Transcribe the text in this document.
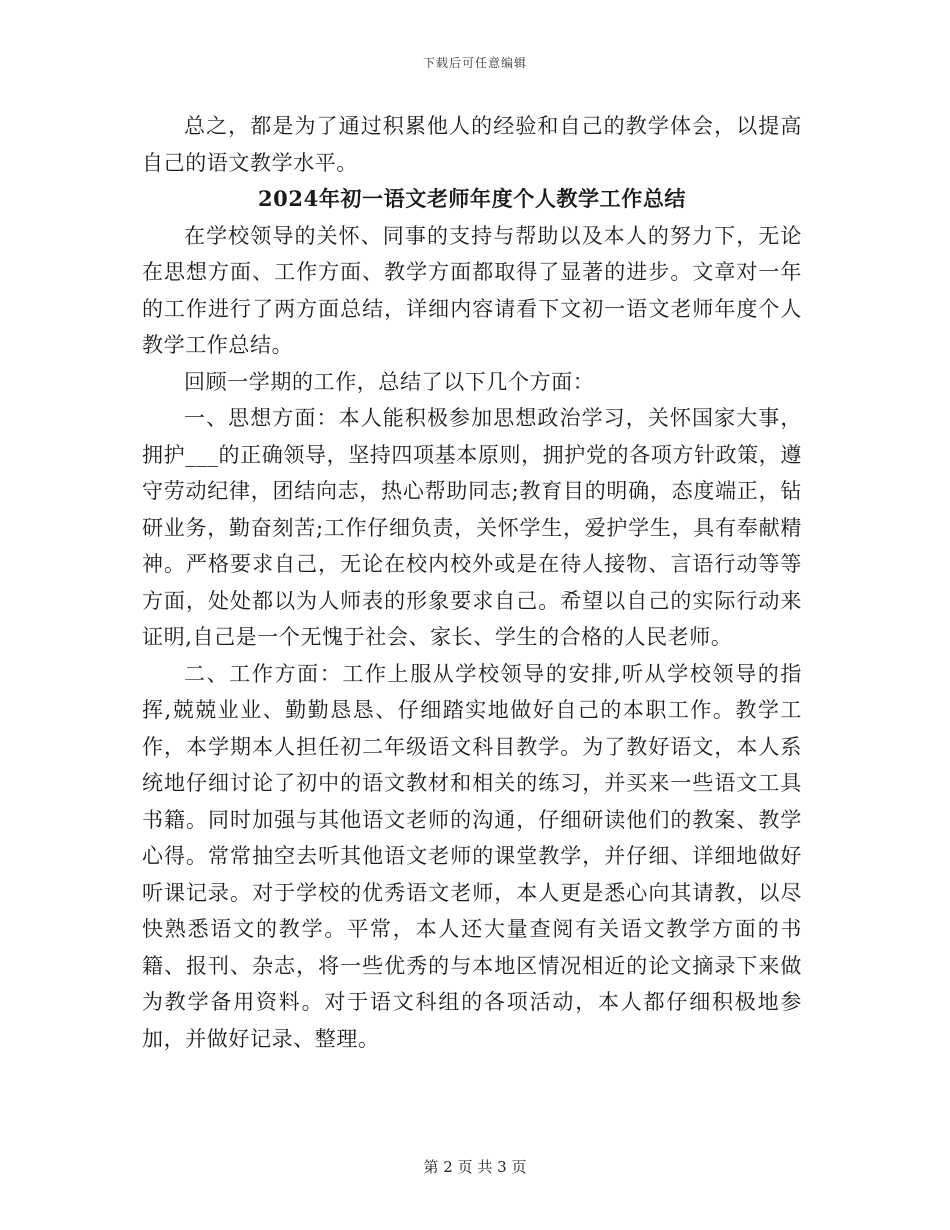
下载后可任意编辑

总之，都是为了通过积累他人的经验和自己的教学体会，以提高自己的语文教学水平。

2024年初一语文老师年度个人教学工作总结

在学校领导的关怀、同事的支持与帮助以及本人的努力下，无论在思想方面、工作方面、教学方面都取得了显著的进步。文章对一年的工作进行了两方面总结，详细内容请看下文初一语文老师年度个人教学工作总结。

回顾一学期的工作，总结了以下几个方面：

一、思想方面：本人能积极参加思想政治学习，关怀国家大事，拥护___的正确领导，坚持四项基本原则，拥护党的各项方针政策，遵守劳动纪律，团结向志，热心帮助同志;教育目的明确，态度端正，钻研业务，勤奋刻苦;工作仔细负责，关怀学生，爱护学生，具有奉献精神。严格要求自己，无论在校内校外或是在待人接物、言语行动等等方面，处处都以为人师表的形象要求自己。希望以自己的实际行动来证明,自己是一个无愧于社会、家长、学生的合格的人民老师。

二、工作方面：工作上服从学校领导的安排,听从学校领导的指挥,兢兢业业、勤勤恳恳、仔细踏实地做好自己的本职工作。教学工作，本学期本人担任初二年级语文科目教学。为了教好语文，本人系统地仔细讨论了初中的语文教材和相关的练习，并买来一些语文工具书籍。同时加强与其他语文老师的沟通，仔细研读他们的教案、教学心得。常常抽空去听其他语文老师的课堂教学，并仔细、详细地做好听课记录。对于学校的优秀语文老师，本人更是悉心向其请教，以尽快熟悉语文的教学。平常，本人还大量查阅有关语文教学方面的书籍、报刊、杂志，将一些优秀的与本地区情况相近的论文摘录下来做为教学备用资料。对于语文科组的各项活动，本人都仔细积极地参加，并做好记录、整理。

第 2 页 共 3 页
